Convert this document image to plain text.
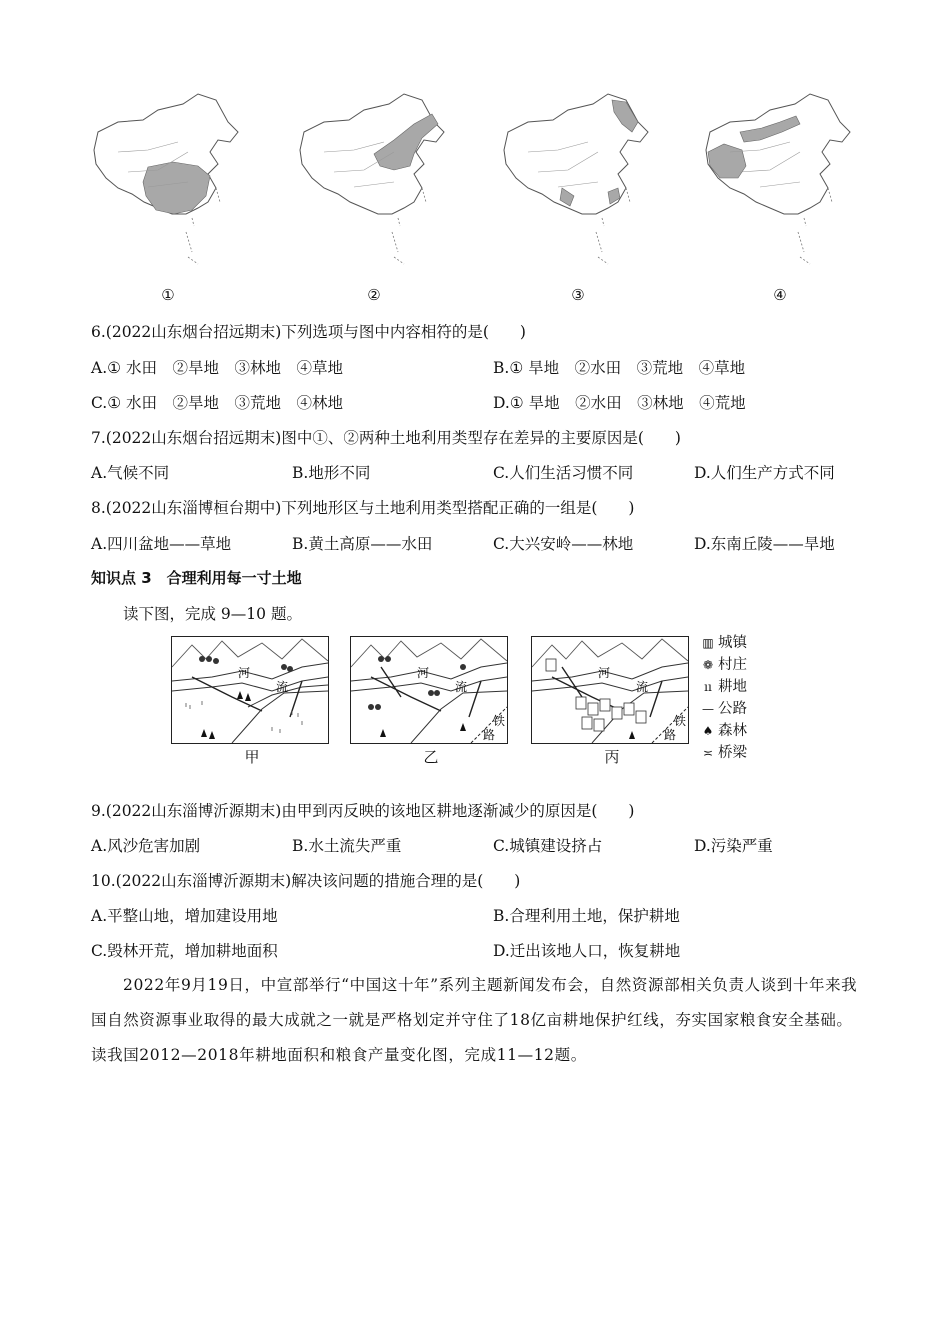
①	②	③	④
6.(2022山东烟台招远期末)下列选项与图中内容相符的是(　　)
A.① 水田　②旱地　③林地　④草地	B.① 旱地　②水田　③荒地　④草地
C.① 水田　②旱地　③荒地　④林地	D.① 旱地　②水田　③林地　④荒地
7.(2022山东烟台招远期末)图中①、②两种土地利用类型存在差异的主要原因是(　　)
A.气候不同	B.地形不同	C.人们生活习惯不同	D.人们生产方式不同
8.(2022山东淄博桓台期中)下列地形区与土地利用类型搭配正确的一组是(　　)
A.四川盆地——草地	B.黄土高原——水田	C.大兴安岭——林地	D.东南丘陵——旱地
知识点 3　合理利用每一寸土地
读下图，完成 9—10 题。
河
流
河
流
铁
路
河
流
铁
路
甲	乙	丙
▥ 城镇
❁ 村庄
ıı 耕地
— 公路
♠ 森林
≍ 桥梁
9.(2022山东淄博沂源期末)由甲到丙反映的该地区耕地逐渐减少的原因是(　　)
A.风沙危害加剧	B.水土流失严重	C.城镇建设挤占	D.污染严重
10.(2022山东淄博沂源期末)解决该问题的措施合理的是(　　)
A.平整山地，增加建设用地	B.合理利用土地，保护耕地
C.毁林开荒，增加耕地面积	D.迁出该地人口，恢复耕地
2022年9月19日，中宣部举行“中国这十年”系列主题新闻发布会，自然资源部相关负责人谈到十年来我国自然资源事业取得的最大成就之一就是严格划定并守住了18亿亩耕地保护红线，夯实国家粮食安全基础。读我国2012—2018年耕地面积和粮食产量变化图，完成11—12题。
